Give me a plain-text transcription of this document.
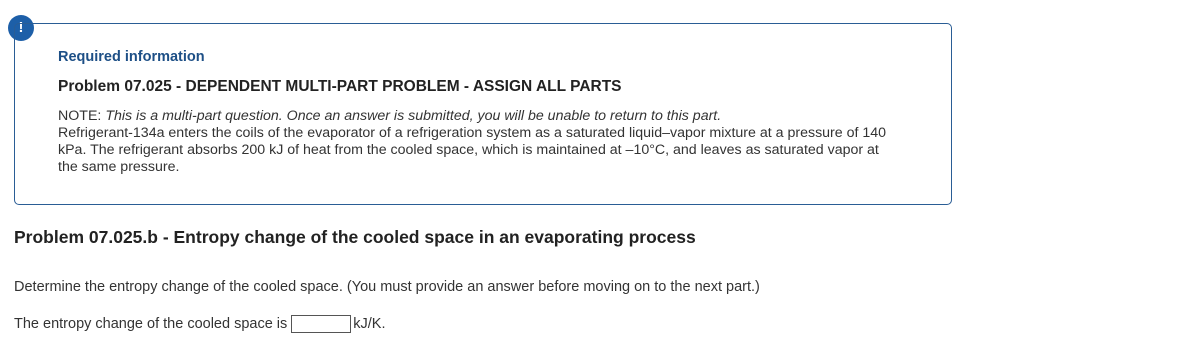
!

Required information

Problem 07.025 - DEPENDENT MULTI-PART PROBLEM - ASSIGN ALL PARTS

NOTE: This is a multi-part question. Once an answer is submitted, you will be unable to return to this part.
Refrigerant-134a enters the coils of the evaporator of a refrigeration system as a saturated liquid–vapor mixture at a pressure of 140 kPa. The refrigerant absorbs 200 kJ of heat from the cooled space, which is maintained at –10°C, and leaves as saturated vapor at the same pressure.
Problem 07.025.b - Entropy change of the cooled space in an evaporating process

Determine the entropy change of the cooled space. (You must provide an answer before moving on to the next part.)

The entropy change of the cooled space is	kJ/K.
